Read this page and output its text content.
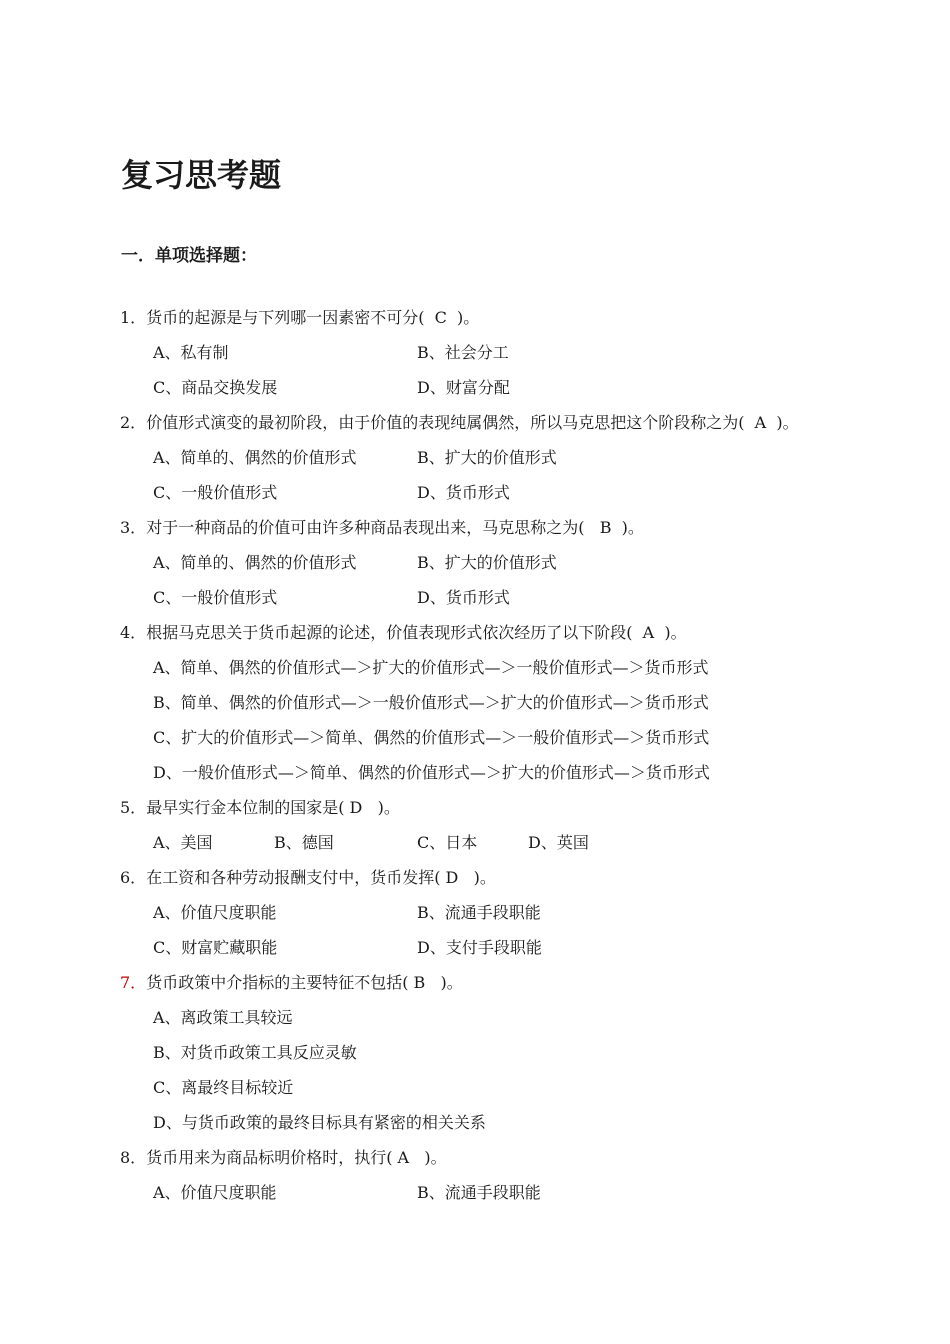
复习思考题
一．单项选择题：
1．货币的起源是与下列哪一因素密不可分(  C  )。
A、私有制	B、社会分工
C、商品交换发展	D、财富分配
2．价值形式演变的最初阶段，由于价值的表现纯属偶然，所以马克思把这个阶段称之为(  A  )。
A、简单的、偶然的价值形式	B、扩大的价值形式
C、一般价值形式	D、货币形式
3．对于一种商品的价值可由许多种商品表现出来，马克思称之为(   B  )。
A、简单的、偶然的价值形式	B、扩大的价值形式
C、一般价值形式	D、货币形式
4．根据马克思关于货币起源的论述，价值表现形式依次经历了以下阶段(  A  )。
A、简单、偶然的价值形式—＞扩大的价值形式—＞一般价值形式—＞货币形式
B、简单、偶然的价值形式—＞一般价值形式—＞扩大的价值形式—＞货币形式
C、扩大的价值形式—＞简单、偶然的价值形式—＞一般价值形式—＞货币形式
D、一般价值形式—＞简单、偶然的价值形式—＞扩大的价值形式—＞货币形式
5．最早实行金本位制的国家是( D   )。
A、美国	B、德国	C、日本	D、英国
6．在工资和各种劳动报酬支付中，货币发挥( D   )。
A、价值尺度职能	B、流通手段职能
C、财富贮藏职能	D、支付手段职能
7．货币政策中介指标的主要特征不包括( B   )。
A、离政策工具较远
B、对货币政策工具反应灵敏
C、离最终目标较近
D、与货币政策的最终目标具有紧密的相关关系
8．货币用来为商品标明价格时，执行( A   )。
A、价值尺度职能	B、流通手段职能
